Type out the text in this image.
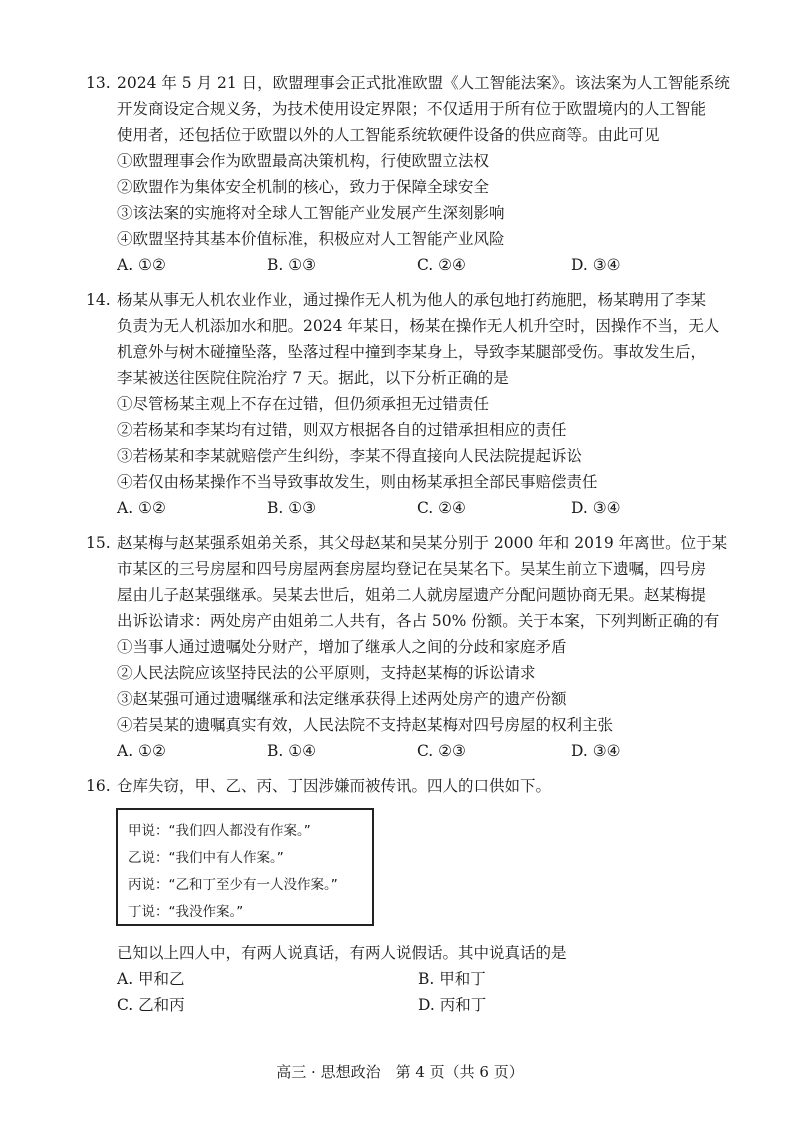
13. 2024 年 5 月 21 日，欧盟理事会正式批准欧盟《人工智能法案》。该法案为人工智能系统
开发商设定合规义务，为技术使用设定界限；不仅适用于所有位于欧盟境内的人工智能
使用者，还包括位于欧盟以外的人工智能系统软硬件设备的供应商等。由此可见
①欧盟理事会作为欧盟最高决策机构，行使欧盟立法权
②欧盟作为集体安全机制的核心，致力于保障全球安全
③该法案的实施将对全球人工智能产业发展产生深刻影响
④欧盟坚持其基本价值标准，积极应对人工智能产业风险
A. ①②	B. ①③	C. ②④	D. ③④
14. 杨某从事无人机农业作业，通过操作无人机为他人的承包地打药施肥，杨某聘用了李某
负责为无人机添加水和肥。2024 年某日，杨某在操作无人机升空时，因操作不当，无人
机意外与树木碰撞坠落，坠落过程中撞到李某身上，导致李某腿部受伤。事故发生后，
李某被送往医院住院治疗 7 天。据此，以下分析正确的是
①尽管杨某主观上不存在过错，但仍须承担无过错责任
②若杨某和李某均有过错，则双方根据各自的过错承担相应的责任
③若杨某和李某就赔偿产生纠纷，李某不得直接向人民法院提起诉讼
④若仅由杨某操作不当导致事故发生，则由杨某承担全部民事赔偿责任
A. ①②	B. ①③	C. ②④	D. ③④
15. 赵某梅与赵某强系姐弟关系，其父母赵某和吴某分别于 2000 年和 2019 年离世。位于某
市某区的三号房屋和四号房屋两套房屋均登记在吴某名下。吴某生前立下遗嘱，四号房
屋由儿子赵某强继承。吴某去世后，姐弟二人就房屋遗产分配问题协商无果。赵某梅提
出诉讼请求：两处房产由姐弟二人共有，各占 50% 份额。关于本案，下列判断正确的有
①当事人通过遗嘱处分财产，增加了继承人之间的分歧和家庭矛盾
②人民法院应该坚持民法的公平原则，支持赵某梅的诉讼请求
③赵某强可通过遗嘱继承和法定继承获得上述两处房产的遗产份额
④若吴某的遗嘱真实有效，人民法院不支持赵某梅对四号房屋的权利主张
A. ①②	B. ①④	C. ②③	D. ③④
16. 仓库失窃，甲、乙、丙、丁因涉嫌而被传讯。四人的口供如下。
甲说：“我们四人都没有作案。”
乙说：“我们中有人作案。”
丙说：“乙和丁至少有一人没作案。”
丁说：“我没作案。”
已知以上四人中，有两人说真话，有两人说假话。其中说真话的是
A. 甲和乙	B. 甲和丁
C. 乙和丙	D. 丙和丁
高三 · 思想政治　第 4 页（共 6 页）
